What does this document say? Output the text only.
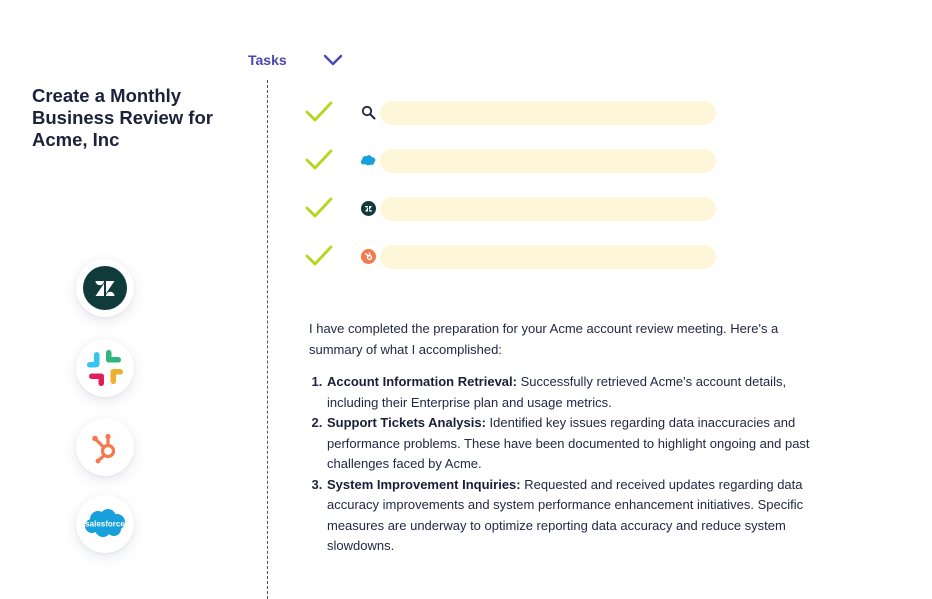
Create a Monthly Business Review for Acme, Inc
salesforce
Tasks

I have completed the preparation for your Acme account review meeting. Here's a summary of what I accomplished:

1. Account Information Retrieval: Successfully retrieved Acme's account details, including their Enterprise plan and usage metrics.
2. Support Tickets Analysis: Identified key issues regarding data inaccuracies and performance problems. These have been documented to highlight ongoing and past challenges faced by Acme.
3. System Improvement Inquiries: Requested and received updates regarding data accuracy improvements and system performance enhancement initiatives. Specific measures are underway to optimize reporting data accuracy and reduce system slowdowns.
